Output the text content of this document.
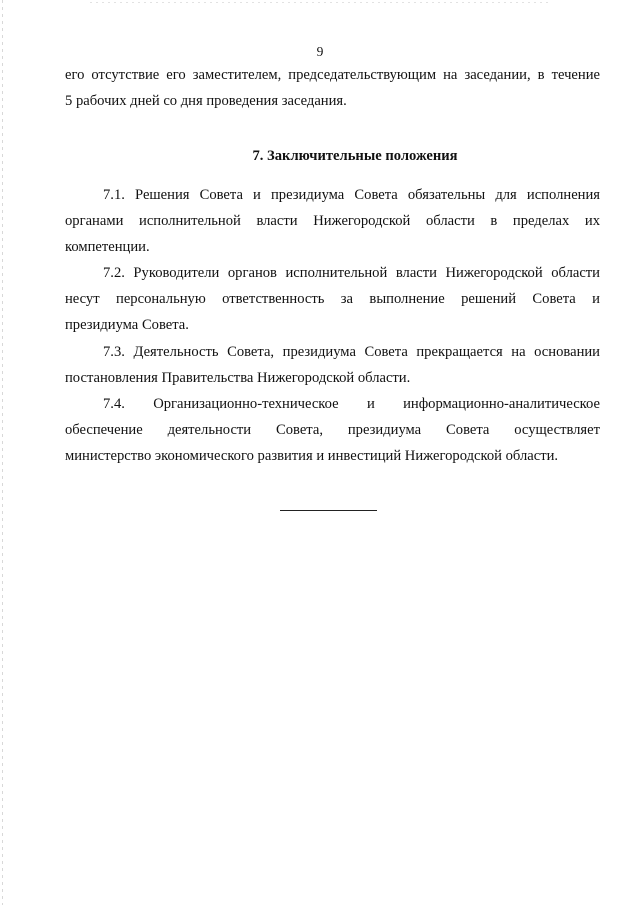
9
его отсутствие его заместителем, председательствующим на заседании, в течение
5 рабочих дней со дня проведения заседания.
7. Заключительные положения
7.1. Решения Совета и президиума Совета обязательны для исполнения
органами исполнительной власти Нижегородской области в пределах их
компетенции.
7.2. Руководители органов исполнительной власти Нижегородской области
несут персональную ответственность за выполнение решений Совета и
президиума Совета.
7.3. Деятельность Совета, президиума Совета прекращается на основании
постановления Правительства Нижегородской области.
7.4. Организационно-техническое и информационно-аналитическое
обеспечение деятельности Совета, президиума Совета осуществляет
министерство экономического развития и инвестиций Нижегородской области.
